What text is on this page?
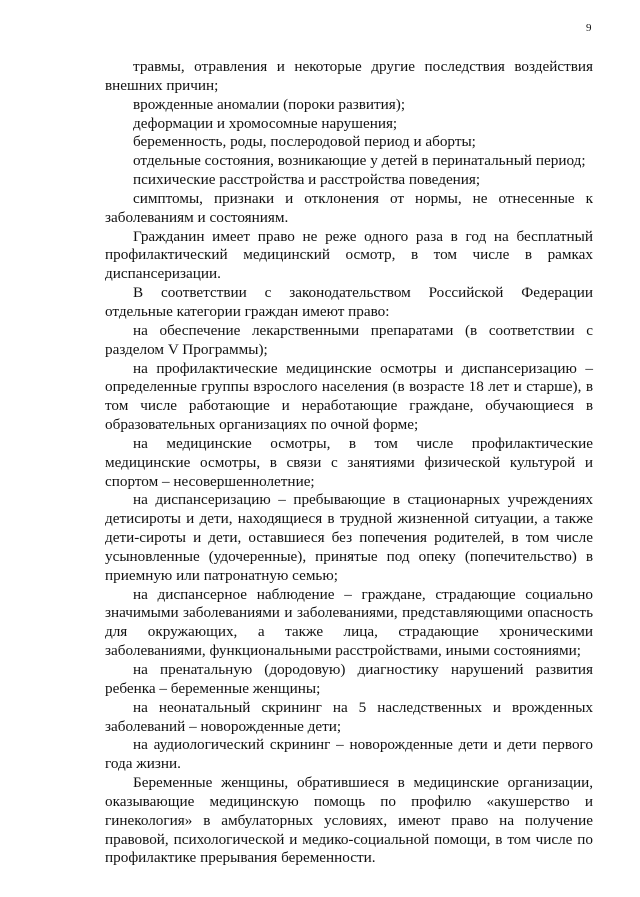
9

травмы, отравления и некоторые другие последствия воздействия внешних причин;

врожденные аномалии (пороки развития);

деформации и хромосомные нарушения;

беременность, роды, послеродовой период и аборты;

отдельные состояния, возникающие у детей в перинатальный период;

психические расстройства и расстройства поведения;

симптомы, признаки и отклонения от нормы, не отнесенные к заболеваниям и состояниям.

Гражданин имеет право не реже одного раза в год на бесплатный профилактический медицинский осмотр, в том числе в рамках диспансеризации.

В соответствии с законодательством Российской Федерации отдельные категории граждан имеют право:

на обеспечение лекарственными препаратами (в соответствии с разделом V Программы);

на профилактические медицинские осмотры и диспансеризацию –определенные группы взрослого населения (в возрасте 18 лет и старше), в том числе работающие и неработающие граждане, обучающиеся в образовательных организациях по очной форме;

на медицинские осмотры, в том числе профилактические медицинские осмотры, в связи с занятиями физической культурой и спортом – несовершеннолетние;

на диспансеризацию – пребывающие в стационарных учреждениях детисироты и дети, находящиеся в трудной жизненной ситуации, а также дети-сироты и дети, оставшиеся без попечения родителей, в том числе усыновленные (удочеренные), принятые под опеку (попечительство) в приемную или патронатную семью;

на диспансерное наблюдение – граждане, страдающие социально значимыми заболеваниями и заболеваниями, представляющими опасность для окружающих, а также лица, страдающие хроническими заболеваниями, функциональными расстройствами, иными состояниями;

на пренатальную (дородовую) диагностику нарушений развития ребенка – беременные женщины;

на неонатальный скрининг на 5 наследственных и врожденных заболеваний – новорожденные дети;

на аудиологический скрининг – новорожденные дети и дети первого года жизни.

Беременные женщины, обратившиеся в медицинские организации, оказывающие медицинскую помощь по профилю «акушерство и гинекология» в амбулаторных условиях, имеют право на получение правовой, психологической и медико-социальной помощи, в том числе по профилактике прерывания беременности.
